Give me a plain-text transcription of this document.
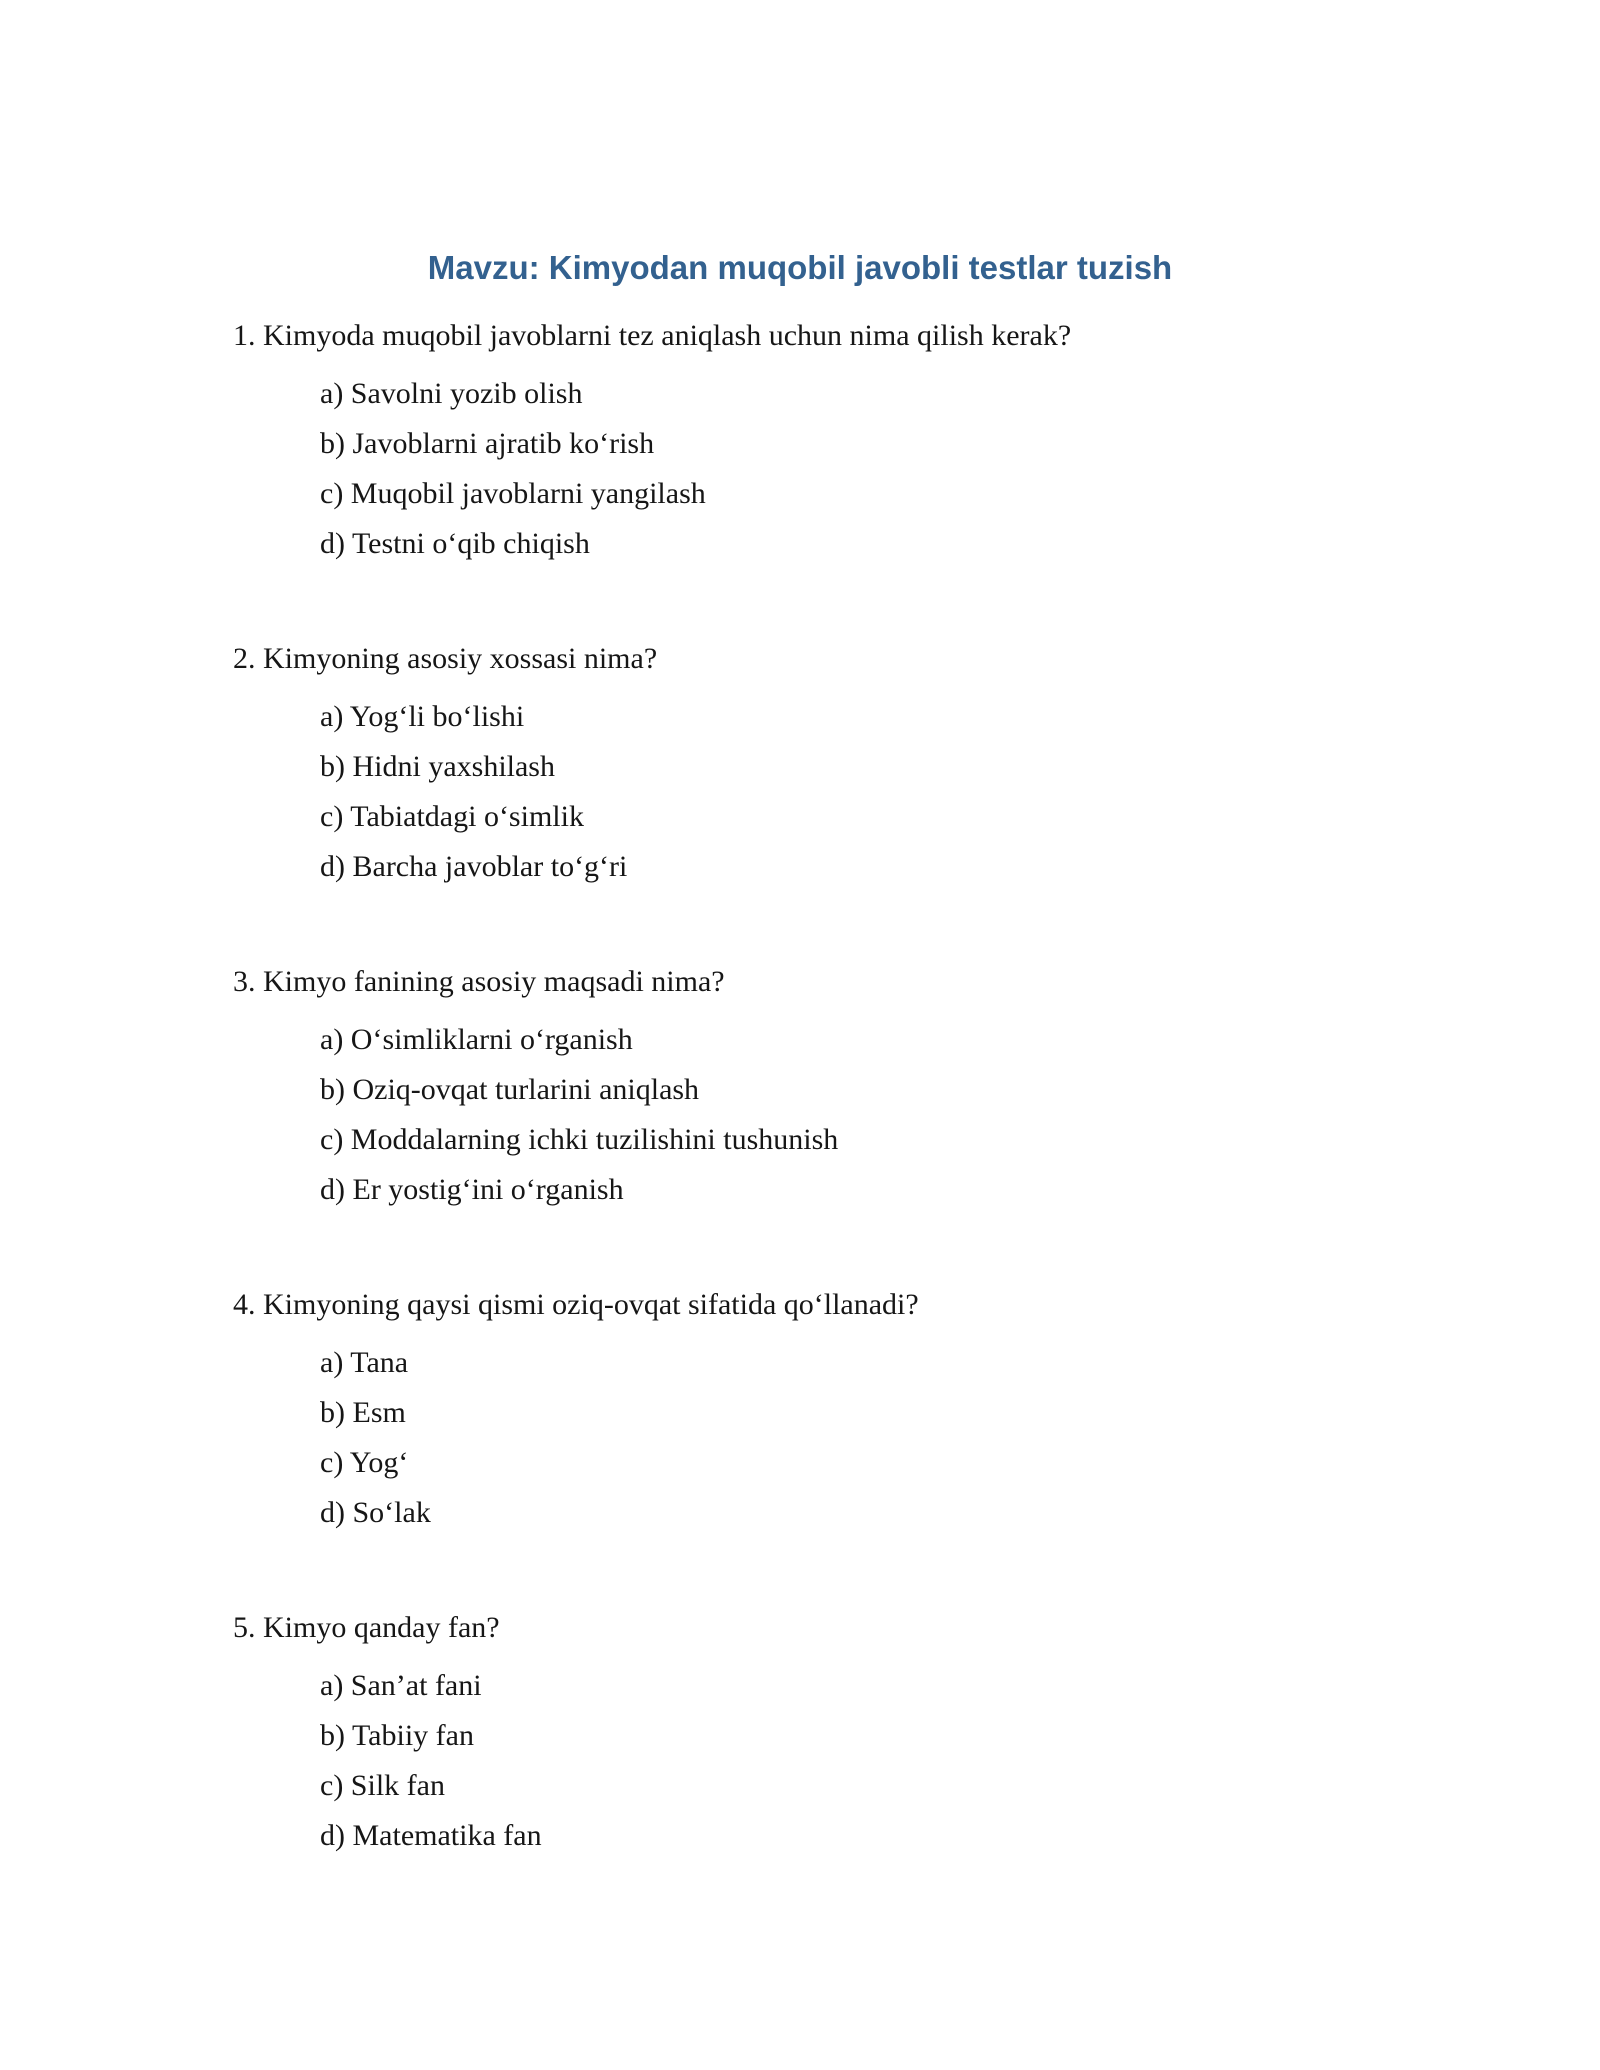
Mavzu: Kimyodan muqobil javobli testlar tuzish

1. Kimyoda muqobil javoblarni tez aniqlash uchun nima qilish kerak?

a) Savolni yozib olish

b) Javoblarni ajratib ko‘rish

c) Muqobil javoblarni yangilash

d) Testni o‘qib chiqish

2. Kimyoning asosiy xossasi nima?

a) Yog‘li bo‘lishi

b) Hidni yaxshilash

c) Tabiatdagi o‘simlik

d) Barcha javoblar to‘g‘ri

3. Kimyo fanining asosiy maqsadi nima?

a) O‘simliklarni o‘rganish

b) Oziq-ovqat turlarini aniqlash

c) Moddalarning ichki tuzilishini tushunish

d) Er yostig‘ini o‘rganish

4. Kimyoning qaysi qismi oziq-ovqat sifatida qo‘llanadi?

a) Tana

b) Esm

c) Yog‘

d) So‘lak

5. Kimyo qanday fan?

a) San’at fani

b) Tabiiy fan

c) Silk fan

d) Matematika fan
